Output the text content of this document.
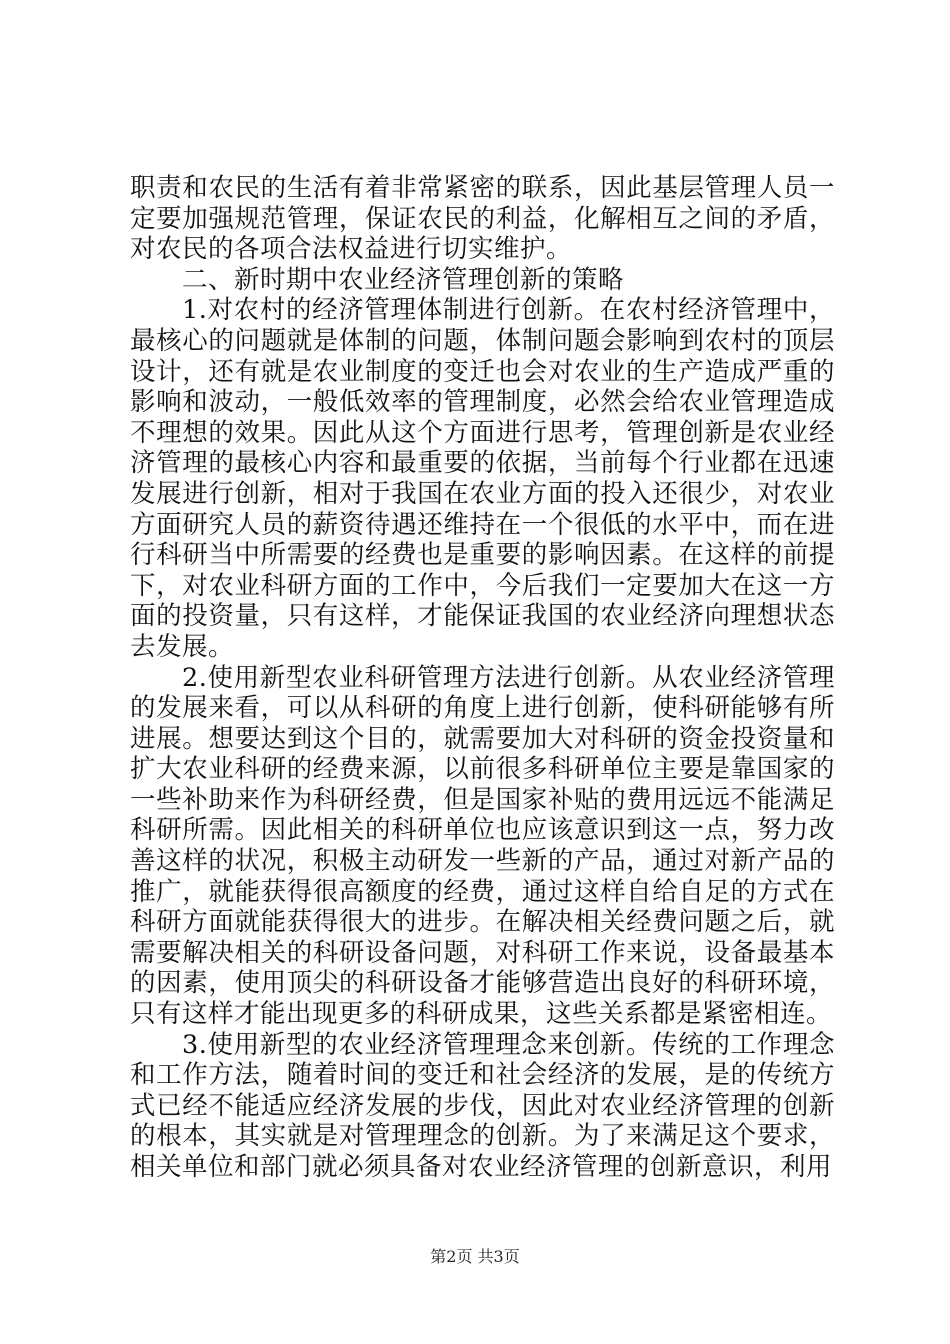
职责和农民的生活有着非常紧密的联系，因此基层管理人员一
定要加强规范管理，保证农民的利益，化解相互之间的矛盾，
对农民的各项合法权益进行切实维护。
二、新时期中农业经济管理创新的策略
1.对农村的经济管理体制进行创新。在农村经济管理中，
最核心的问题就是体制的问题，体制问题会影响到农村的顶层
设计，还有就是农业制度的变迁也会对农业的生产造成严重的
影响和波动，一般低效率的管理制度，必然会给农业管理造成
不理想的效果。因此从这个方面进行思考，管理创新是农业经
济管理的最核心内容和最重要的依据，当前每个行业都在迅速
发展进行创新，相对于我国在农业方面的投入还很少，对农业
方面研究人员的薪资待遇还维持在一个很低的水平中，而在进
行科研当中所需要的经费也是重要的影响因素。在这样的前提
下，对农业科研方面的工作中，今后我们一定要加大在这一方
面的投资量，只有这样，才能保证我国的农业经济向理想状态
去发展。
2.使用新型农业科研管理方法进行创新。从农业经济管理
的发展来看，可以从科研的角度上进行创新，使科研能够有所
进展。想要达到这个目的，就需要加大对科研的资金投资量和
扩大农业科研的经费来源，以前很多科研单位主要是靠国家的
一些补助来作为科研经费，但是国家补贴的费用远远不能满足
科研所需。因此相关的科研单位也应该意识到这一点，努力改
善这样的状况，积极主动研发一些新的产品，通过对新产品的
推广，就能获得很高额度的经费，通过这样自给自足的方式在
科研方面就能获得很大的进步。在解决相关经费问题之后，就
需要解决相关的科研设备问题，对科研工作来说，设备最基本
的因素，使用顶尖的科研设备才能够营造出良好的科研环境，
只有这样才能出现更多的科研成果，这些关系都是紧密相连。
3.使用新型的农业经济管理理念来创新。传统的工作理念
和工作方法，随着时间的变迁和社会经济的发展，是的传统方
式已经不能适应经济发展的步伐，因此对农业经济管理的创新
的根本，其实就是对管理理念的创新。为了来满足这个要求，
相关单位和部门就必须具备对农业经济管理的创新意识，利用
第2页 共3页
